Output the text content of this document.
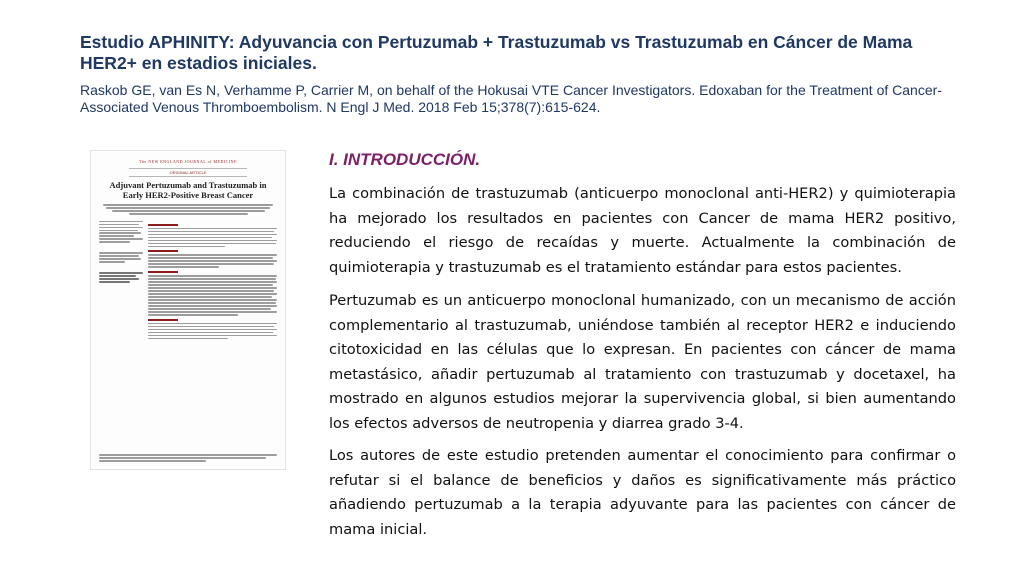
Estudio APHINITY: Adyuvancia con Pertuzumab + Trastuzumab vs Trastuzumab en Cáncer de Mama HER2+ en estadios iniciales.

Raskob GE, van Es N, Verhamme P, Carrier M, on behalf of the Hokusai VTE Cancer Investigators. Edoxaban for the Treatment of Cancer-Associated Venous Thromboembolism. N Engl J Med. 2018 Feb 15;378(7):615-624.

The NEW ENGLAND JOURNAL of MEDICINE
ORIGINAL ARTICLE
Adjuvant Pertuzumab and Trastuzumab in Early HER2-Positive Breast Cancer
I. INTRODUCCIÓN.

La combinación de trastuzumab (anticuerpo monoclonal anti-HER2) y quimioterapia ha mejorado los resultados en pacientes con Cancer de mama HER2 positivo, reduciendo el riesgo de recaídas y muerte. Actualmente la combinación de quimioterapia y trastuzumab es el tratamiento estándar para estos pacientes.

Pertuzumab es un anticuerpo monoclonal humanizado, con un mecanismo de acción complementario al trastuzumab, uniéndose también al receptor HER2 e induciendo citotoxicidad en las células que lo expresan. En pacientes con cáncer de mama metastásico, añadir pertuzumab al tratamiento con trastuzumab y docetaxel, ha mostrado en algunos estudios mejorar la supervivencia global, si bien aumentando los efectos adversos de neutropenia y diarrea grado 3-4.

Los autores de este estudio pretenden aumentar el conocimiento para confirmar o refutar si el balance de beneficios y daños es significativamente más práctico añadiendo pertuzumab a la terapia adyuvante para las pacientes con cáncer de mama inicial.
